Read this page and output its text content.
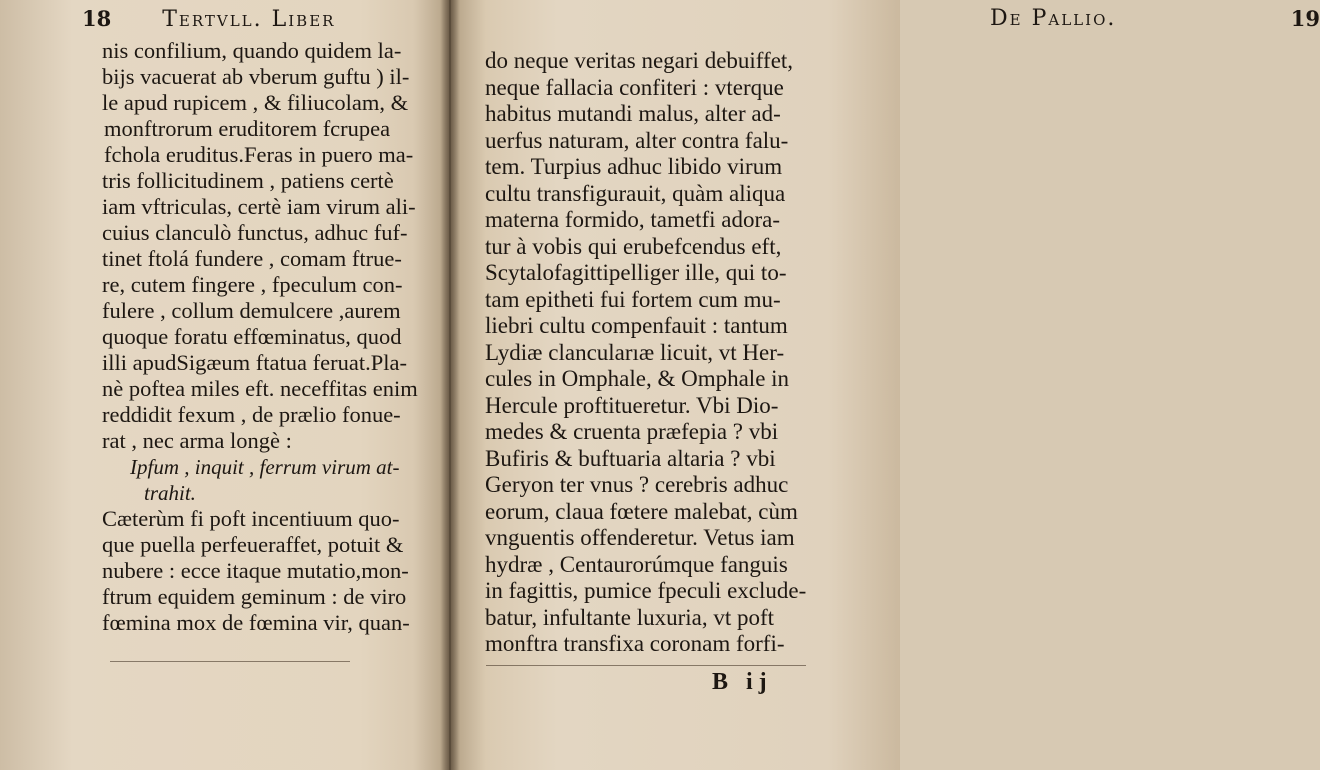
18 Tertvll. Liber
nis confilium, quando quidem la-
bijs vacuerat ab vberum guftu ) il-
le apud rupicem , & filiucolam, &
monftrorum eruditorem fcrupea
fchola eruditus.Feras in puero ma-
tris follicitudinem , patiens certè
iam vftriculas, certè iam virum ali-
cuius clanculò functus, adhuc fuf-
tinet ftolá fundere , comam ftrue-
re, cutem fingere , fpeculum con-
fulere , collum demulcere ,aurem
quoque foratu effœminatus, quod
illi apudSigæum ftatua feruat.Pla-
nè poftea miles eft. neceffitas enim
reddidit fexum , de prælio fonue-
rat , nec arma longè :
Ipfum , inquit , ferrum virum at-
trahit.
Cæterùm fi poft incentiuum quo-
que puella perfeueraffet, potuit &
nubere : ecce itaque mutatio,mon-
ftrum equidem geminum : de viro
fœmina mox de fœmina vir, quan-
De Pallio.	19
do neque veritas negari debuiffet,
neque fallacia confiteri : vterque
habitus mutandi malus, alter ad-
uerfus naturam, alter contra falu-
tem. Turpius adhuc libido virum
cultu transfigurauit, quàm aliqua
materna formido, tametfi adora-
tur à vobis qui erubefcendus eft,
Scytalofagittipelliger ille, qui to-
tam epitheti fui fortem cum mu-
liebri cultu compenfauit : tantum
Lydiæ clancularıæ licuit, vt Her-
cules in Omphale, & Omphale in
Hercule proftitueretur. Vbi Dio-
medes & cruenta præfepia ? vbi
Bufiris & buftuaria altaria ? vbi
Geryon ter vnus ? cerebris adhuc
eorum, claua fœtere malebat, cùm
vnguentis offenderetur. Vetus iam
hydræ , Centaurorúmque fanguis
in fagittis, pumice fpeculi exclude-
batur, infultante luxuria, vt poft
monftra transfixa coronam forfi-
B ij
